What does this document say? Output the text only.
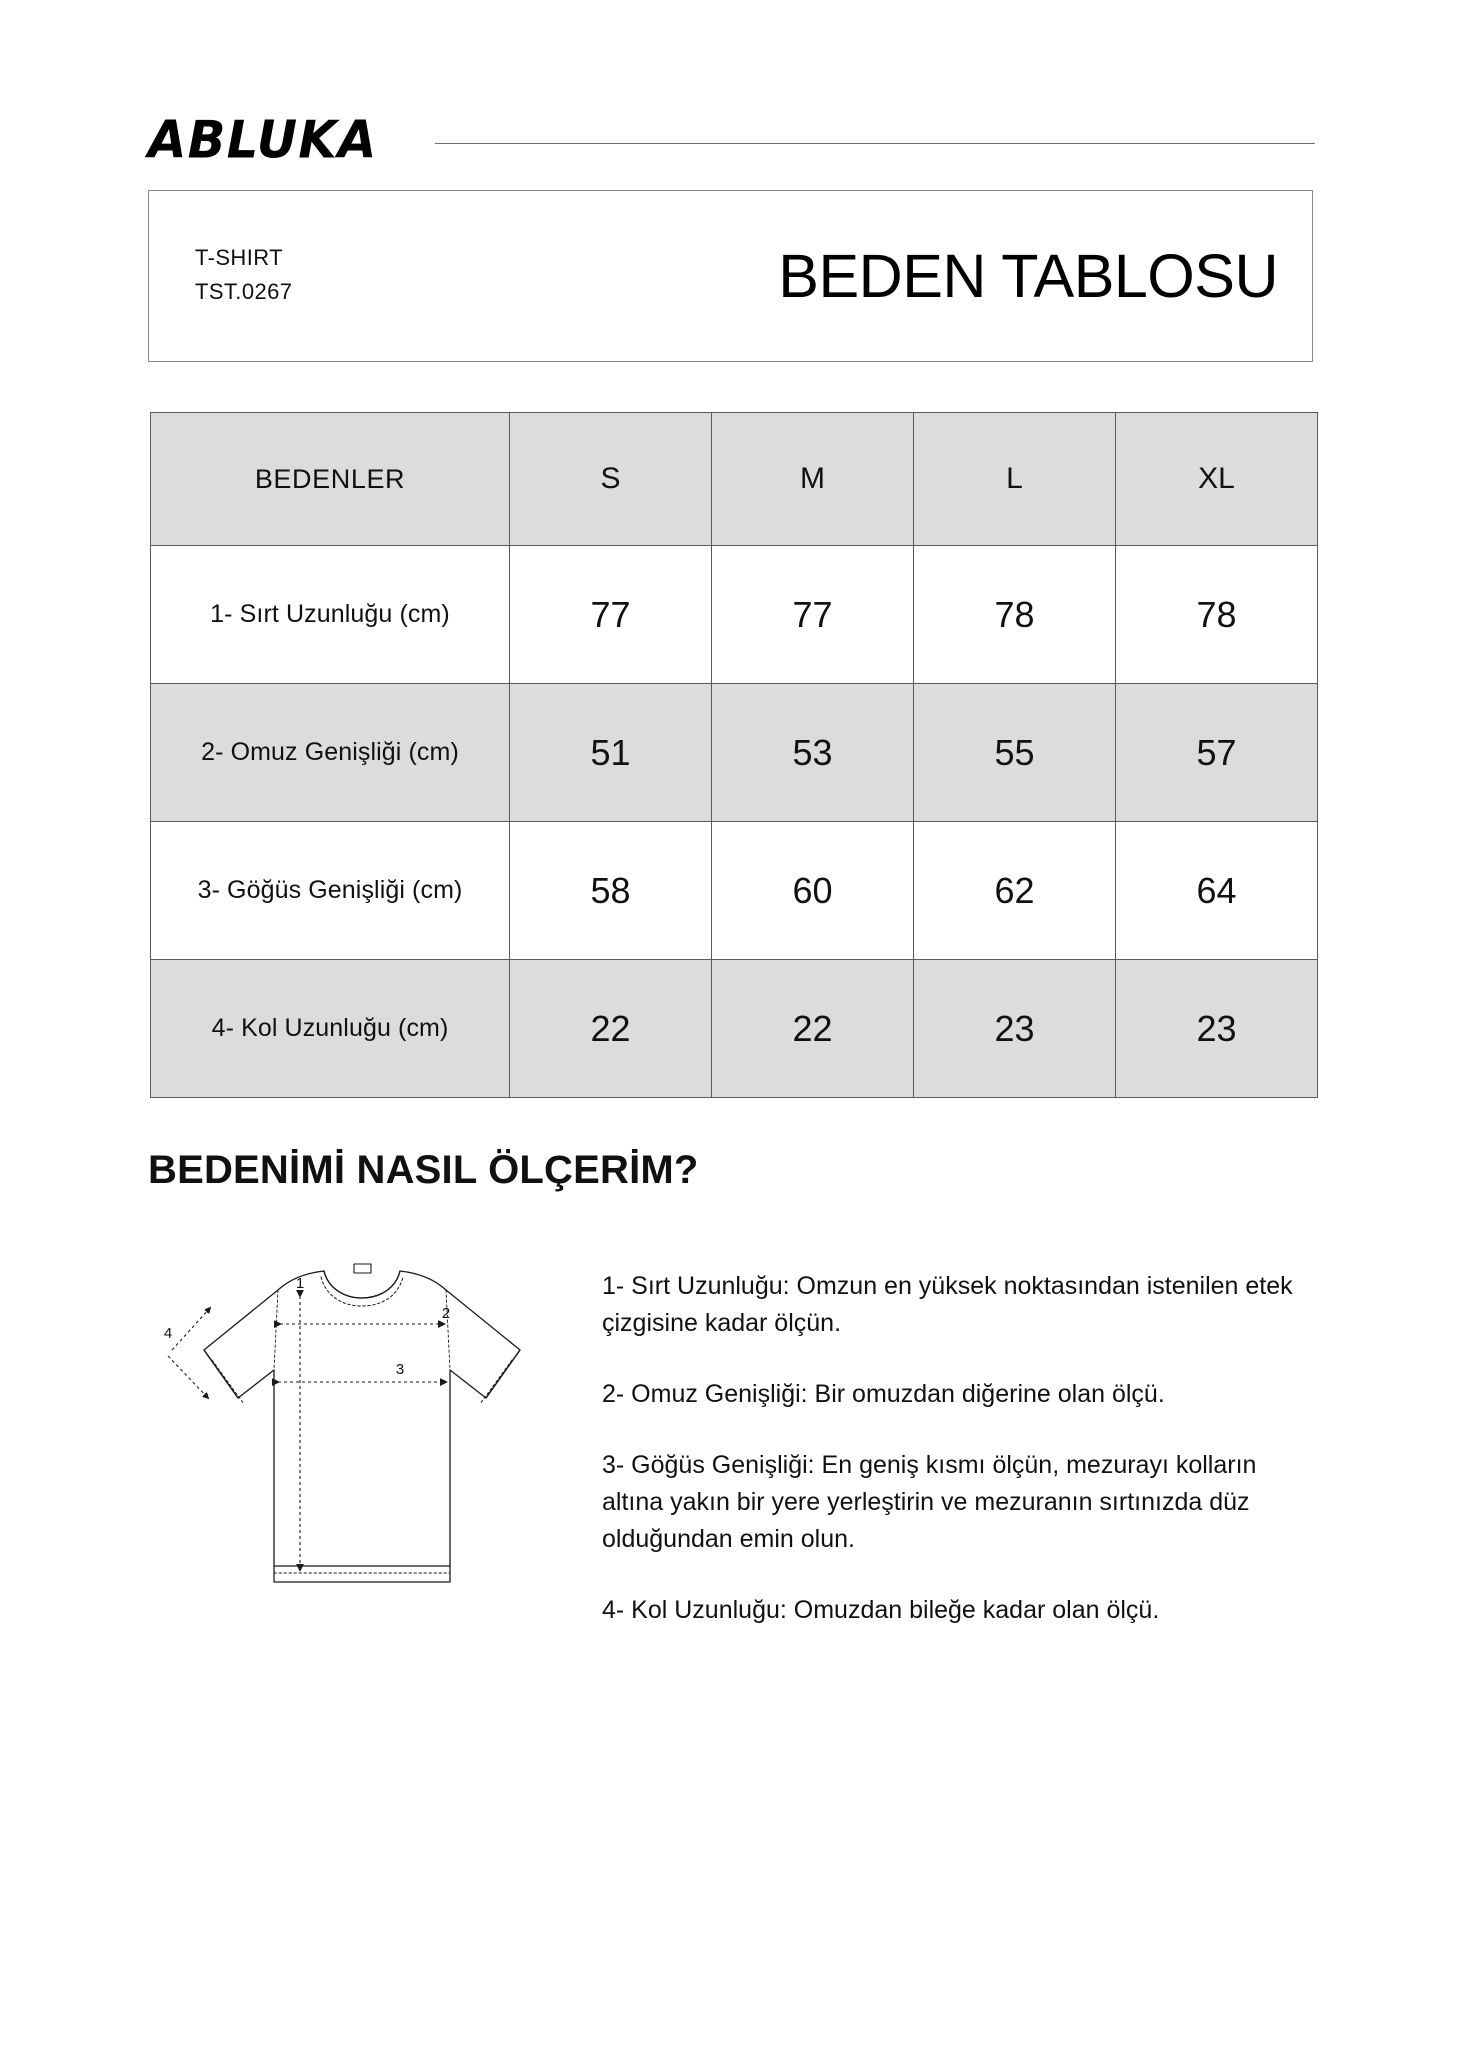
ABLUKA
T-SHIRT
TST.0267	BEDEN TABLOSU
BEDENLER	S	M	L	XL
1- Sırt Uzunluğu (cm)	77	77	78	78
2- Omuz Genişliği (cm)	51	53	55	57
3- Göğüs Genişliği (cm)	58	60	62	64
4- Kol Uzunluğu (cm)	22	22	23	23
BEDENİMİ NASIL ÖLÇERİM?
1
2
3
4
1- Sırt Uzunluğu: Omzun en yüksek noktasından istenilen etek çizgisine kadar ölçün.
2- Omuz Genişliği: Bir omuzdan diğerine olan ölçü.
3- Göğüs Genişliği: En geniş kısmı ölçün, mezurayı kolların altına yakın bir yere yerleştirin ve mezuranın sırtınızda düz olduğundan emin olun.
4- Kol Uzunluğu: Omuzdan bileğe kadar olan ölçü.
